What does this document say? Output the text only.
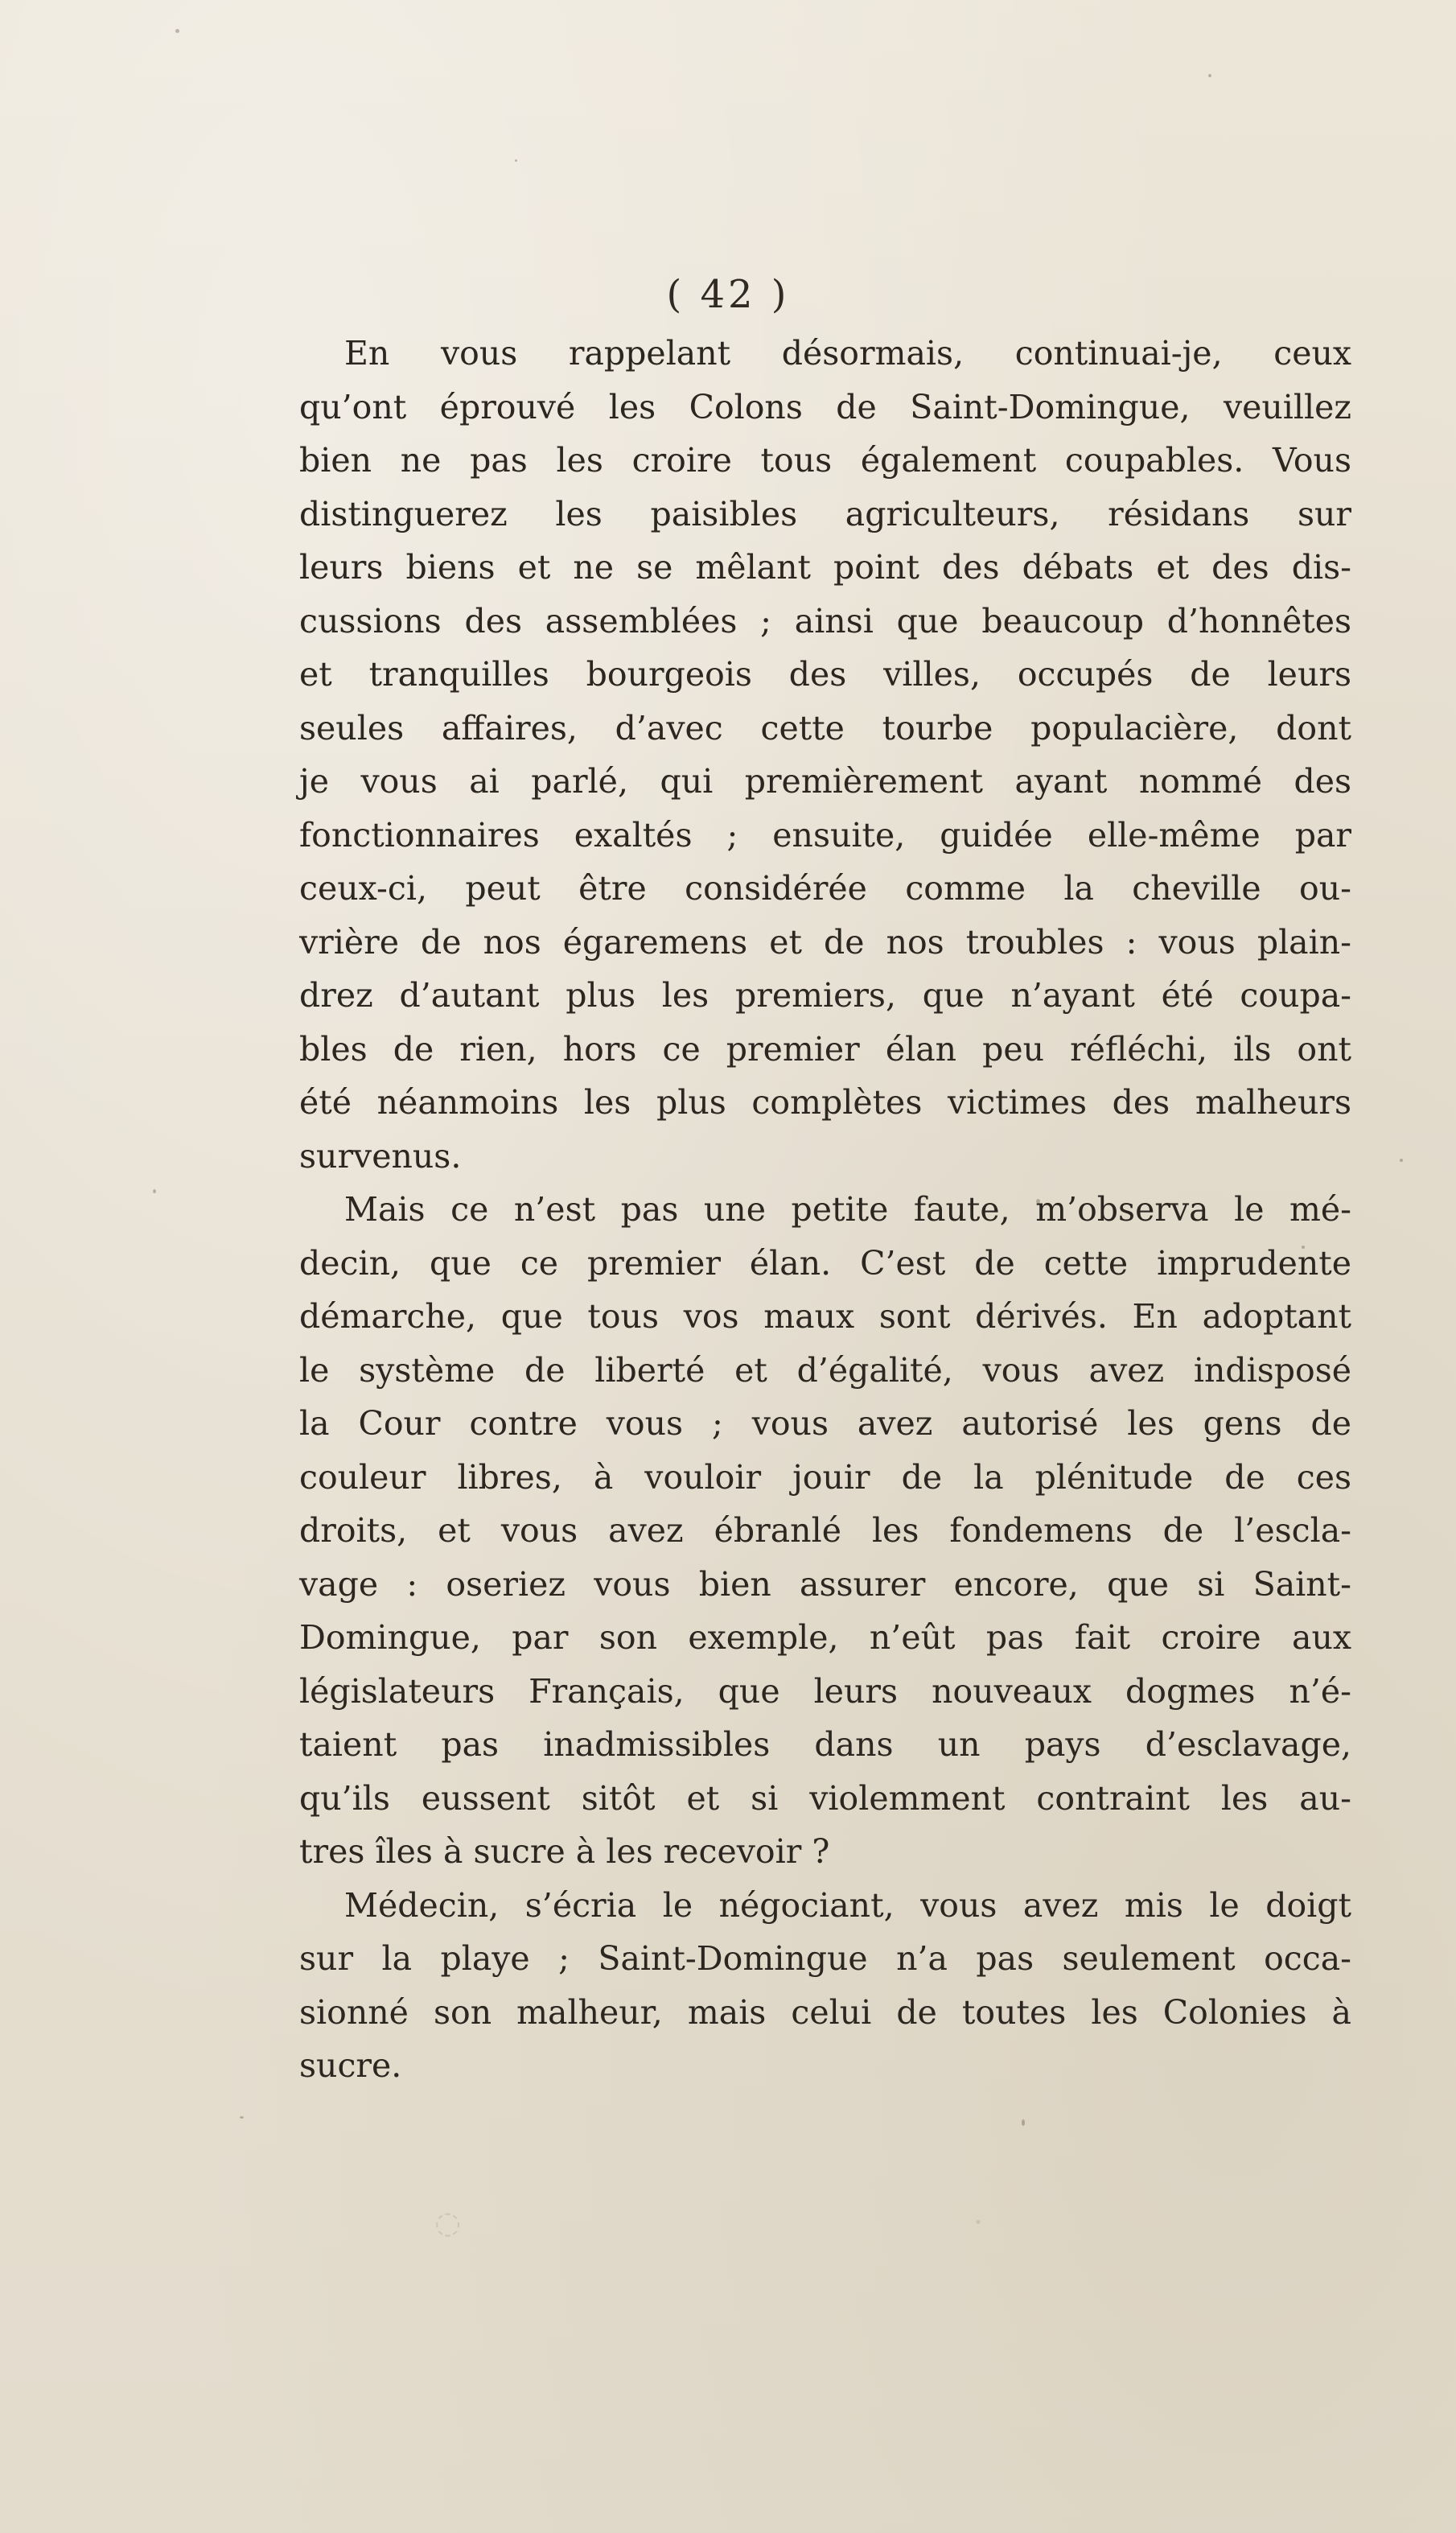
◌	·
( 42 )

En vous rappelant désormais, continuai-je, ceux
qu’ont éprouvé les Colons de Saint-Domingue, veuillez
bien ne pas les croire tous également coupables. Vous
distinguerez les paisibles agriculteurs, résidans sur
leurs biens et ne se mêlant point des débats et des dis-
cussions des assemblées ; ainsi que beaucoup d’honnêtes
et tranquilles bourgeois des villes, occupés de leurs
seules affaires, d’avec cette tourbe populacière, dont
je vous ai parlé, qui premièrement ayant nommé des
fonctionnaires exaltés ; ensuite, guidée elle-même par
ceux-ci, peut être considérée comme la cheville ou-
vrière de nos égaremens et de nos troubles : vous plain-
drez d’autant plus les premiers, que n’ayant été coupa-
bles de rien, hors ce premier élan peu réfléchi, ils ont
été néanmoins les plus complètes victimes des malheurs
survenus.

Mais ce n’est pas une petite faute, m’observa le mé-
decin, que ce premier élan. C’est de cette imprudente
démarche, que tous vos maux sont dérivés. En adoptant
le système de liberté et d’égalité, vous avez indisposé
la Cour contre vous ; vous avez autorisé les gens de
couleur libres, à vouloir jouir de la plénitude de ces
droits, et vous avez ébranlé les fondemens de l’escla-
vage : oseriez vous bien assurer encore, que si Saint-
Domingue, par son exemple, n’eût pas fait croire aux
législateurs Français, que leurs nouveaux dogmes n’é-
taient pas inadmissibles dans un pays d’esclavage,
qu’ils eussent sitôt et si violemment contraint les au-
tres îles à sucre à les recevoir ?

Médecin, s’écria le négociant, vous avez mis le doigt
sur la playe ; Saint-Domingue n’a pas seulement occa-
sionné son malheur, mais celui de toutes les Colonies à
sucre.
